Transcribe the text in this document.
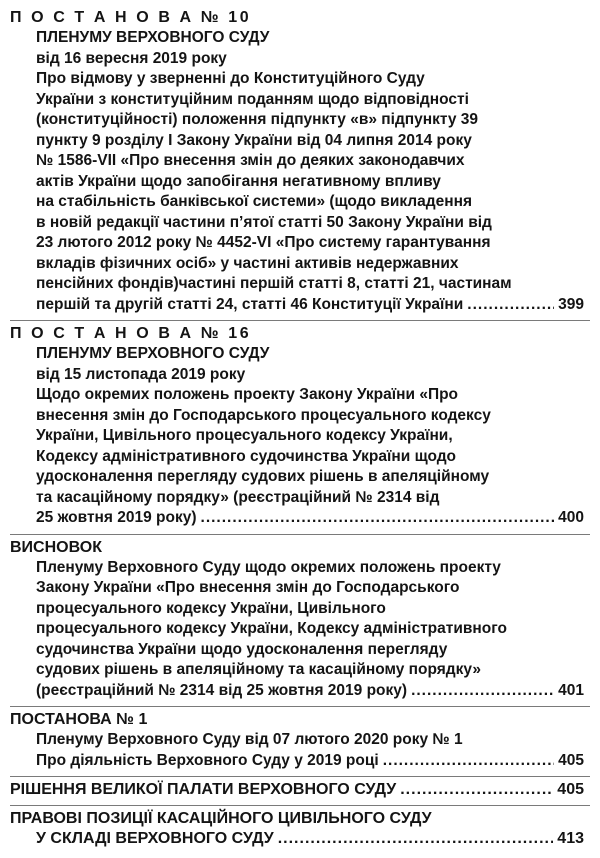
П О С Т А Н О В А № 10
ПЛЕНУМУ ВЕРХОВНОГО СУДУ
від 16 вересня 2019 року
Про відмову у зверненні до Конституційного Суду
України з конституційним поданням щодо відповідності
(конституційності) положення підпункту «в» підпункту 39
пункту 9 розділу I Закону України від 04 липня 2014 року
№ 1586-VII «Про внесення змін до деяких законодавчих
актів України щодо запобігання негативному впливу
на стабільність банківської системи» (щодо викладення
в новій редакції частини п’ятої статті 50 Закону України від
23 лютого 2012 року № 4452-VI «Про систему гарантування
вкладів фізичних осіб» у частині активів недержавних
пенсійних фондів)частині першій статті 8, статті 21, частинам
першій та другій статті 24, статті 46 Конституції України .....	399
П О С Т А Н О В А № 16
ПЛЕНУМУ ВЕРХОВНОГО СУДУ
від 15 листопада 2019 року
Щодо окремих положень проекту Закону України «Про
внесення змін до Господарського процесуального кодексу
України, Цивільного процесуального кодексу України,
Кодексу адміністративного судочинства України щодо
удосконалення перегляду судових рішень в апеляційному
та касаційному порядку» (реєстраційний № 2314 від
25 жовтня 2019 року) .....	400
ВИСНОВОК
Пленуму Верховного Суду щодо окремих положень проекту
Закону України «Про внесення змін до Господарського
процесуального кодексу України, Цивільного
процесуального кодексу України, Кодексу адміністративного
судочинства України щодо удосконалення перегляду
судових рішень в апеляційному та касаційному порядку»
(реєстраційний № 2314 від 25 жовтня 2019 року) .....	401
ПОСТАНОВА № 1
Пленуму Верховного Суду від 07 лютого 2020 року № 1
Про діяльність Верховного Суду у 2019 році .....	405
РІШЕННЯ ВЕЛИКОЇ ПАЛАТИ ВЕРХОВНОГО СУДУ .....	405
ПРАВОВІ ПОЗИЦІЇ КАСАЦІЙНОГО ЦИВІЛЬНОГО СУДУ
У СКЛАДІ ВЕРХОВНОГО СУДУ .....	413
